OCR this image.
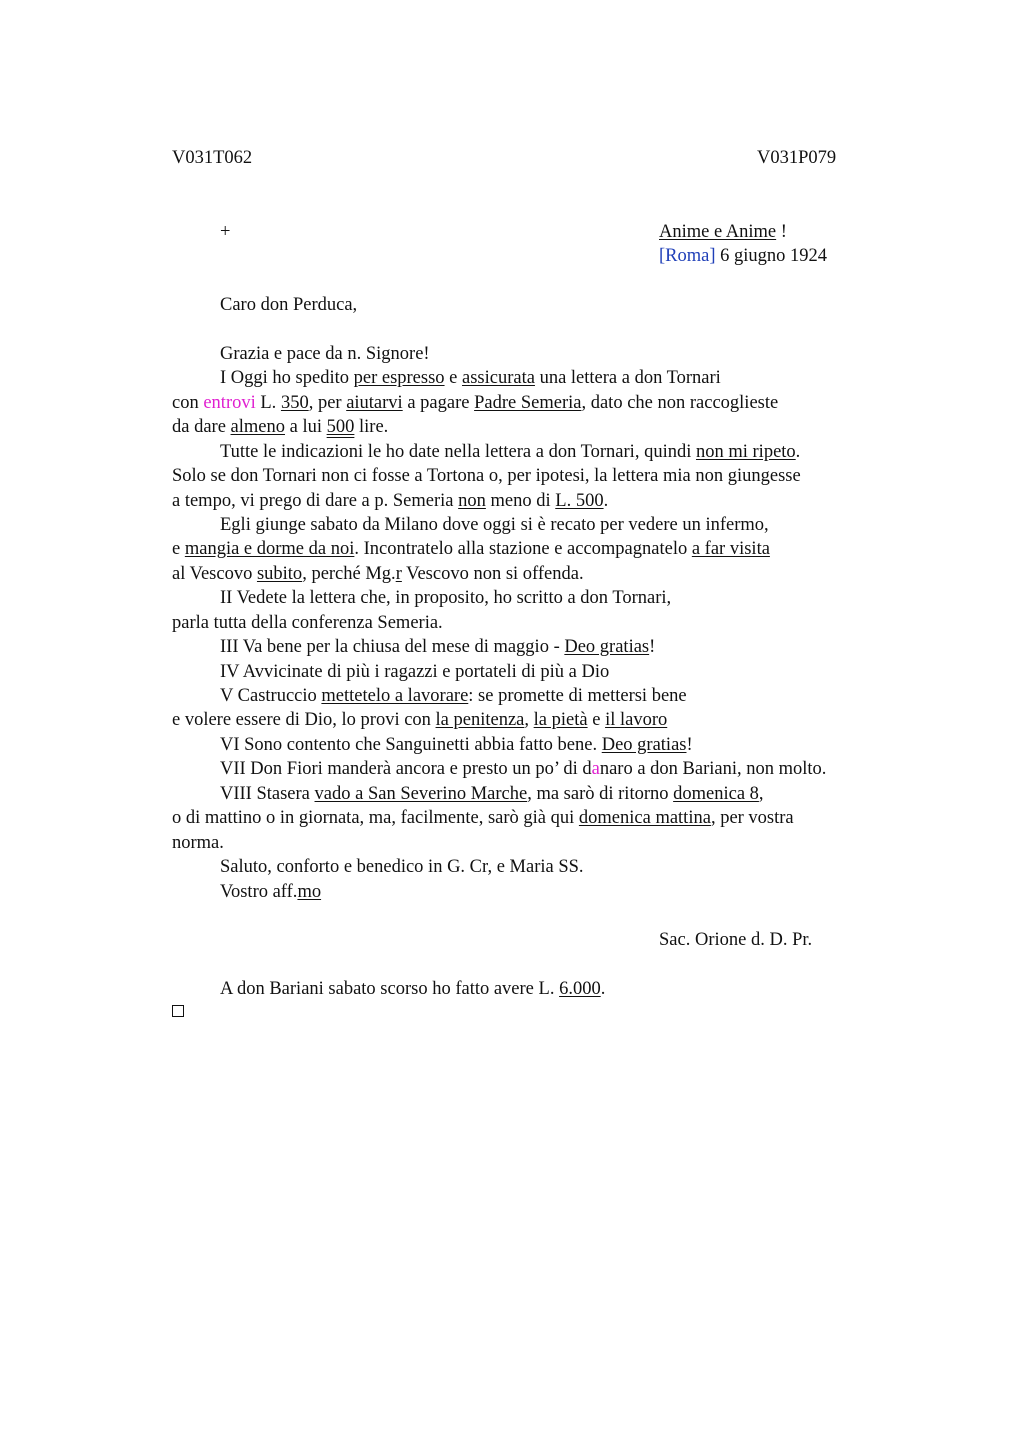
V031T062	V031P079
+	Anime e Anime !
[Roma] 6 giugno 1924
Caro don Perduca,
Grazia e pace da n. Signore!
I Oggi ho spedito per espresso e assicurata una lettera a don Tornari
con entrovi L. 350, per aiutarvi a pagare Padre Semeria, dato che non raccoglieste
da dare almeno a lui 500 lire.
Tutte le indicazioni le ho date nella lettera a don Tornari, quindi non mi ripeto.
Solo se don Tornari non ci fosse a Tortona o, per ipotesi, la lettera mia non giungesse
a tempo, vi prego di dare a p. Semeria non meno di L. 500.
Egli giunge sabato da Milano dove oggi si è recato per vedere un infermo,
e mangia e dorme da noi. Incontratelo alla stazione e accompagnatelo a far visita
al Vescovo subito, perché Mg.r Vescovo non si offenda.
II Vedete la lettera che, in proposito, ho scritto a don Tornari,
parla tutta della conferenza Semeria.
III Va bene per la chiusa del mese di maggio - Deo gratias!
IV Avvicinate di più i ragazzi e portateli di più a Dio
V Castruccio mettetelo a lavorare: se promette di mettersi bene
e volere essere di Dio, lo provi con la penitenza, la pietà e il lavoro
VI Sono contento che Sanguinetti abbia fatto bene. Deo gratias!
VII Don Fiori manderà ancora e presto un po’ di danaro a don Bariani, non molto.
VIII Stasera vado a San Severino Marche, ma sarò di ritorno domenica 8,
o di mattino o in giornata, ma, facilmente, sarò già qui domenica mattina, per vostra
norma.
Saluto, conforto e benedico in G. Cr, e Maria SS.
Vostro aff.mo
Sac. Orione d. D. Pr.
A don Bariani sabato scorso ho fatto avere L. 6.000.
